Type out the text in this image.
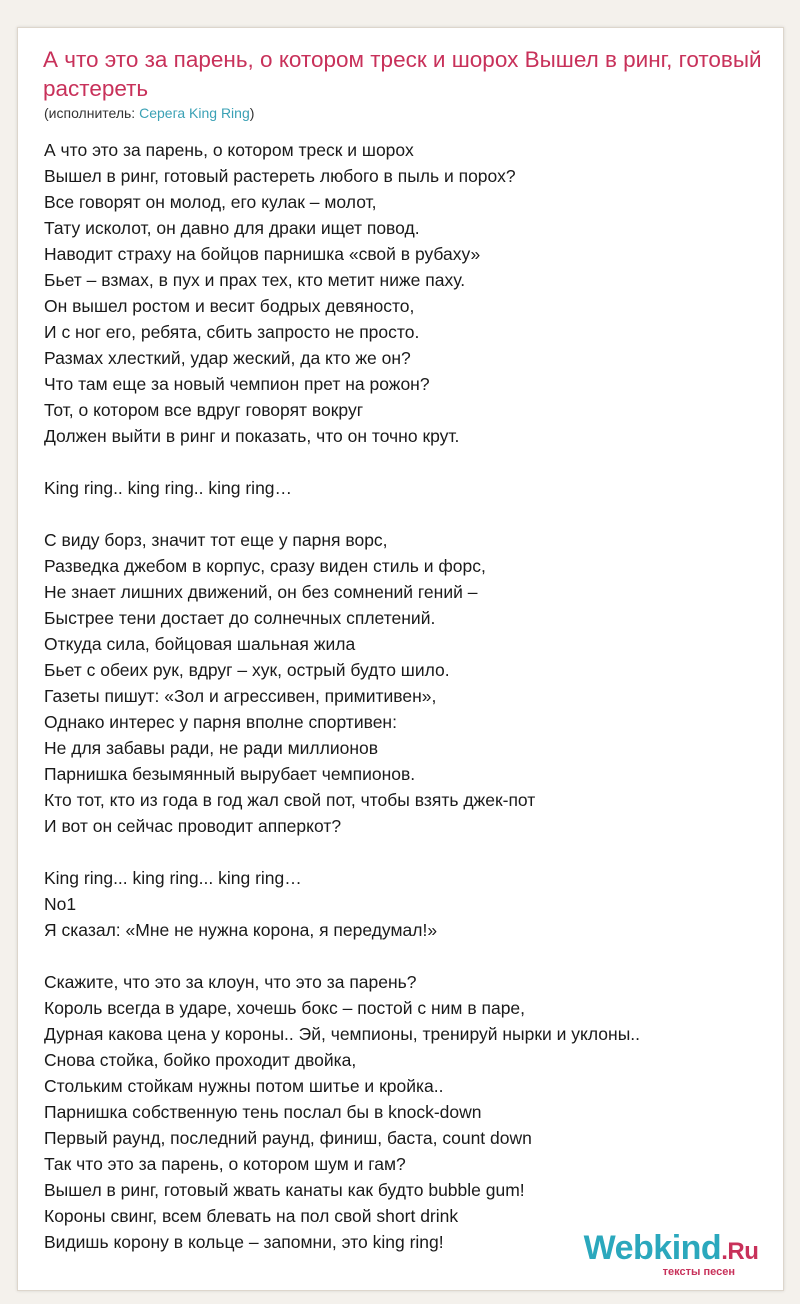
А что это за парень, о котором треск и шорох Вышел в ринг, готовый растереть
(исполнитель: Серега King Ring)
А что это за парень, о котором треск и шорох
Вышел в ринг, готовый растереть любого в пыль и порох?
Все говорят он молод, его кулак – молот,
Тату исколот, он давно для драки ищет повод.
Наводит страху на бойцов парнишка «свой в рубаху»
Бьет – взмах, в пух и прах тех, кто метит ниже паху.
Он вышел ростом и весит бодрых девяносто,
И с ног его, ребята, сбить запросто не просто.
Размах хлесткий, удар жеский, да кто же он?
Что там еще за новый чемпион прет на рожон?
Тот, о котором все вдруг говорят вокруг
Должен выйти в ринг и показать, что он точно крут.
King ring.. king ring.. king ring…
С виду борз, значит тот еще у парня ворс,
Разведка джебом в корпус, сразу виден стиль и форс,
Не знает лишних движений, он без сомнений гений –
Быстрее тени достает до солнечных сплетений.
Откуда сила, бойцовая шальная жила
Бьет с обеих рук, вдруг – хук, острый будто шило.
Газеты пишут: «Зол и агрессивен, примитивен»,
Однако интерес у парня вполне спортивен:
Не для забавы ради, не ради миллионов
Парнишка безымянный вырубает чемпионов.
Кто тот, кто из года в год жал свой пот, чтобы взять джек-пот
И вот он сейчас проводит апперкот?
King ring... king ring... king ring…
No1
Я сказал: «Мне не нужна корона, я передумал!»
Скажите, что это за клоун, что это за парень?
Король всегда в ударе, хочешь бокс – постой с ним в паре,
Дурная какова цена у короны.. Эй, чемпионы, тренируй нырки и уклоны..
Снова стойка, бойко проходит двойка,
Стольким стойкам нужны потом шитье и кройка..
Парнишка собственную тень послал бы в knock-down
Первый раунд, последний раунд, финиш, баста, count down
Так что это за парень, о котором шум и гам?
Вышел в ринг, готовый жвать канаты как будто bubble gum!
Короны свинг, всем блевать на пол свой short drink
Видишь корону в кольце – запомни, это king ring!	Webkind.Ru
тексты песен
